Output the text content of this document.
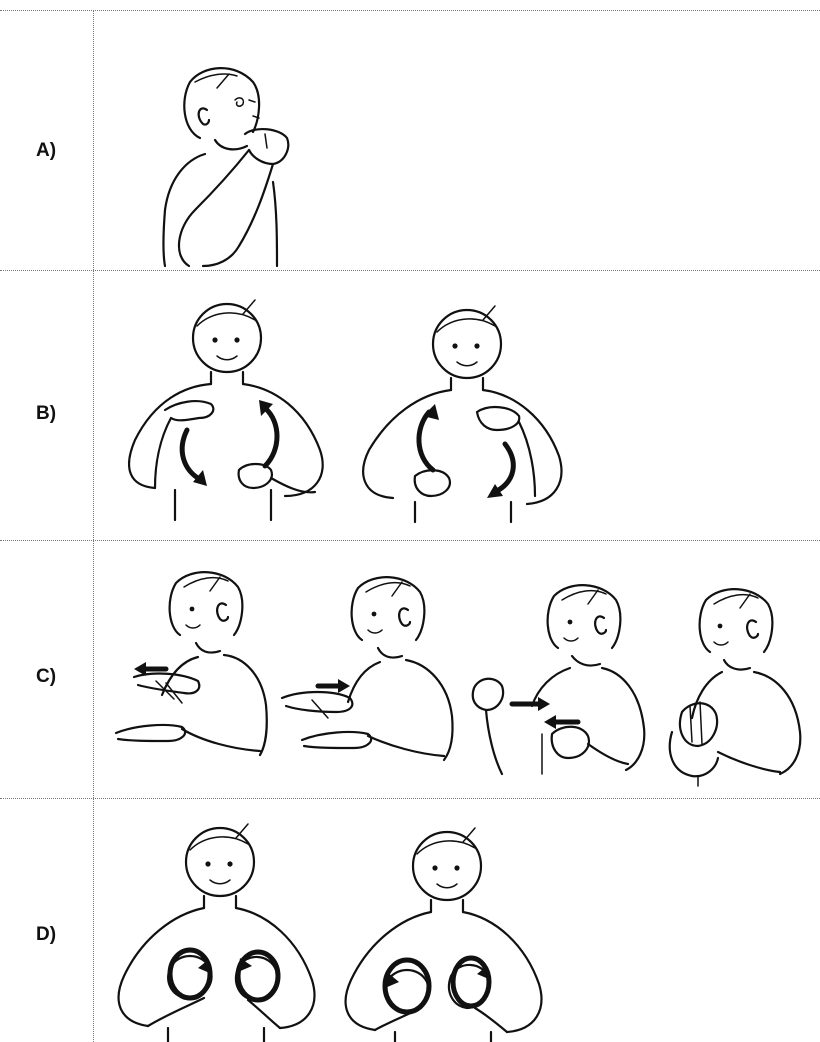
A)
B)
C)
D)
